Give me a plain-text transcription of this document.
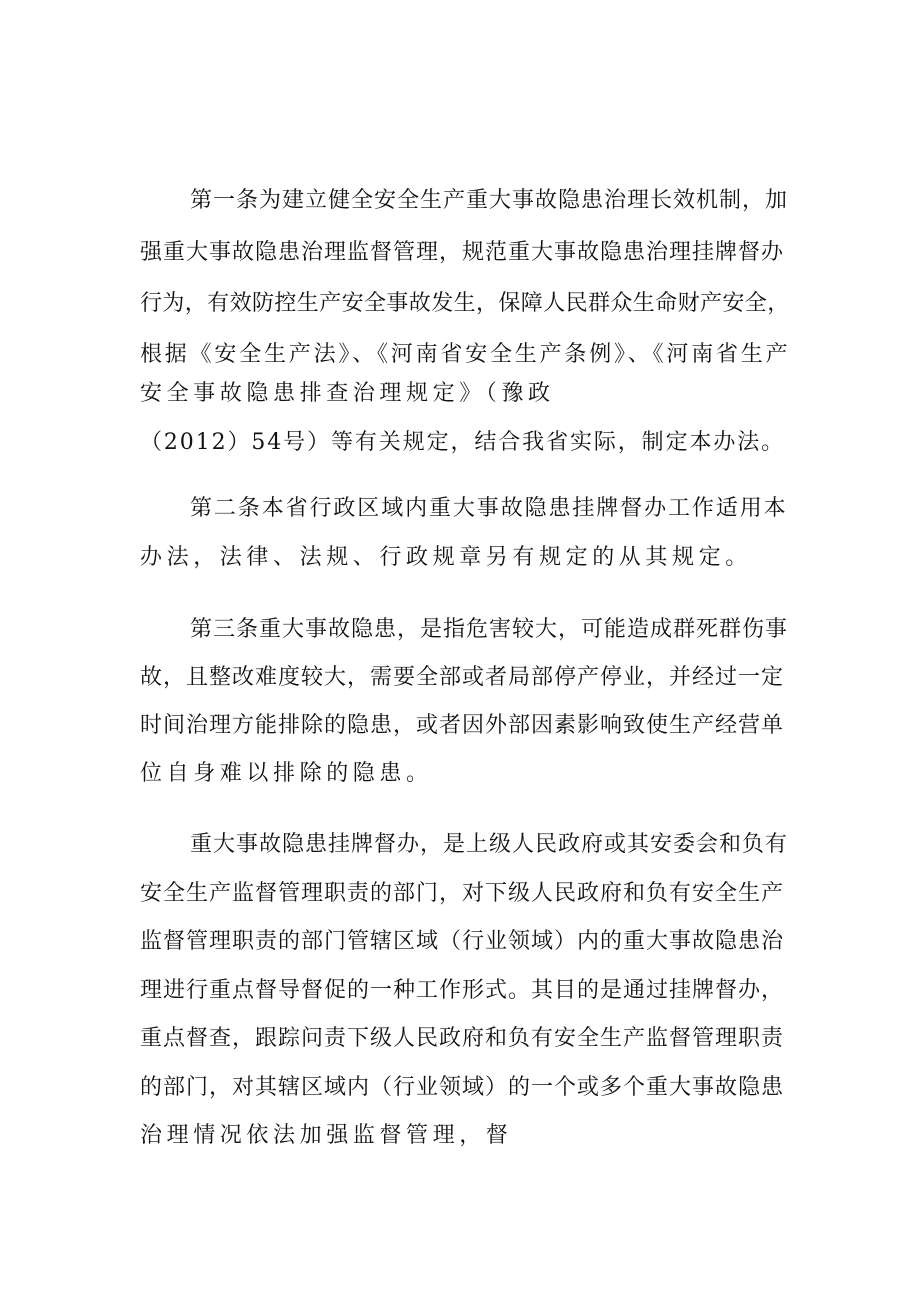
第一条为建立健全安全生产重大事故隐患治理长效机制，加
强重大事故隐患治理监督管理，规范重大事故隐患治理挂牌督办
行为，有效防控生产安全事故发生，保障人民群众生命财产安全，
根据《安全生产法》、《河南省安全生产条例》、《河南省生产
安全事故隐患排查治理规定》（豫政
（2012）54号）等有关规定，结合我省实际，制定本办法。
第二条本省行政区域内重大事故隐患挂牌督办工作适用本
办法，法律、法规、行政规章另有规定的从其规定。
第三条重大事故隐患，是指危害较大，可能造成群死群伤事
故，且整改难度较大，需要全部或者局部停产停业，并经过一定
时间治理方能排除的隐患，或者因外部因素影响致使生产经营单
位自身难以排除的隐患。
重大事故隐患挂牌督办，是上级人民政府或其安委会和负有
安全生产监督管理职责的部门，对下级人民政府和负有安全生产
监督管理职责的部门管辖区域（行业领域）内的重大事故隐患治
理进行重点督导督促的一种工作形式。其目的是通过挂牌督办，
重点督查，跟踪问责下级人民政府和负有安全生产监督管理职责
的部门，对其辖区域内（行业领域）的一个或多个重大事故隐患
治理情况依法加强监督管理，督
